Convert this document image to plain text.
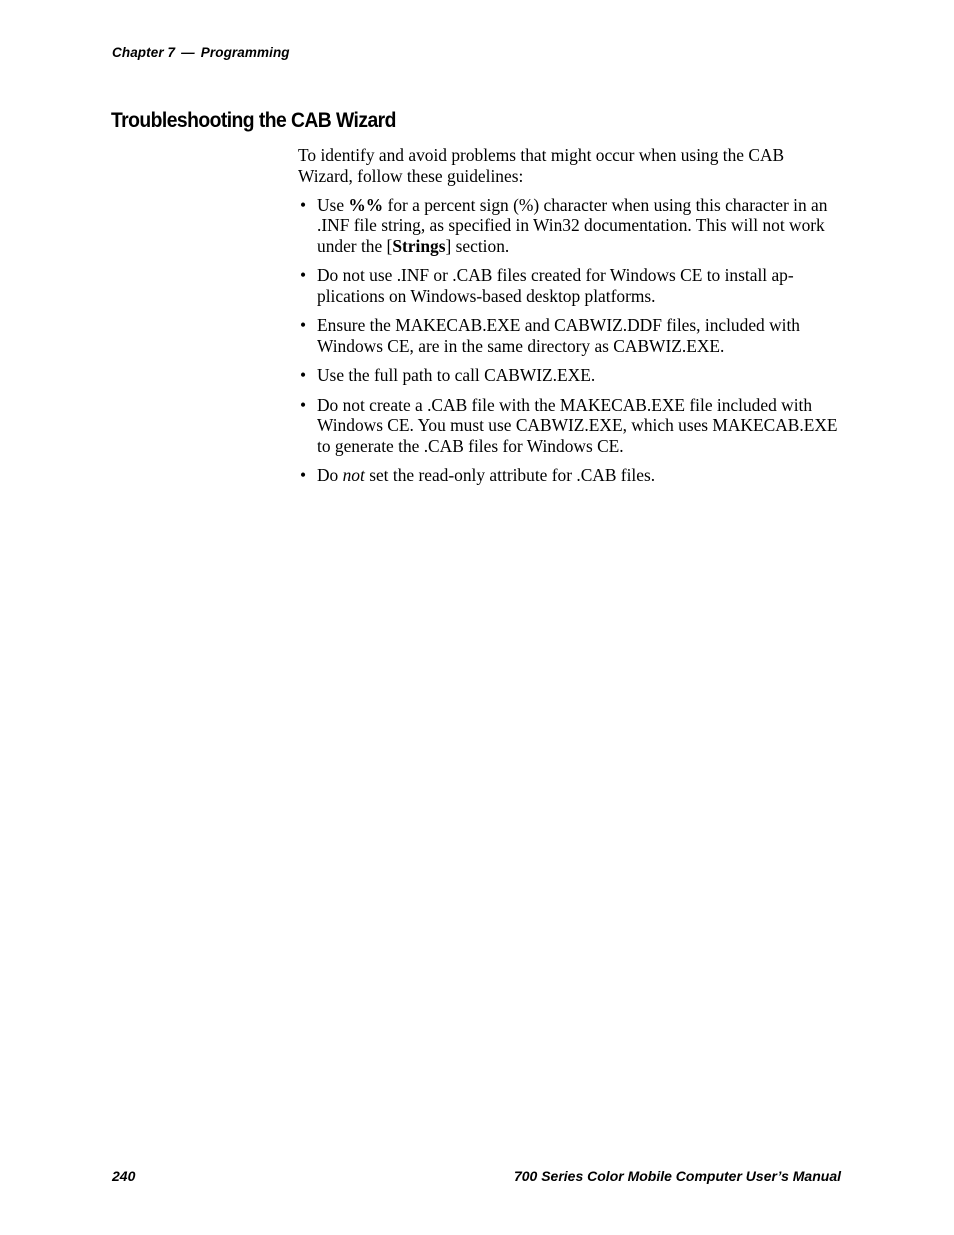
Chapter 7 — Programming
Troubleshooting the CAB Wizard

To identify and avoid problems that might occur when using the CAB Wizard, follow these guidelines:

• Use %% for a percent sign (%) character when using this character in an .INF file string, as specified in Win32 documentation. This will not work under the [Strings] section.
• Do not use .INF or .CAB files created for Windows CE to install ap-plications on Windows-based desktop platforms.
• Ensure the MAKECAB.EXE and CABWIZ.DDF files, included with Windows CE, are in the same directory as CABWIZ.EXE.
• Use the full path to call CABWIZ.EXE.
• Do not create a .CAB file with the MAKECAB.EXE file included with Windows CE. You must use CABWIZ.EXE, which uses MAKECAB.EXE to generate the .CAB files for Windows CE.
• Do not set the read-only attribute for .CAB files.
240	700 Series Color Mobile Computer User’s Manual
